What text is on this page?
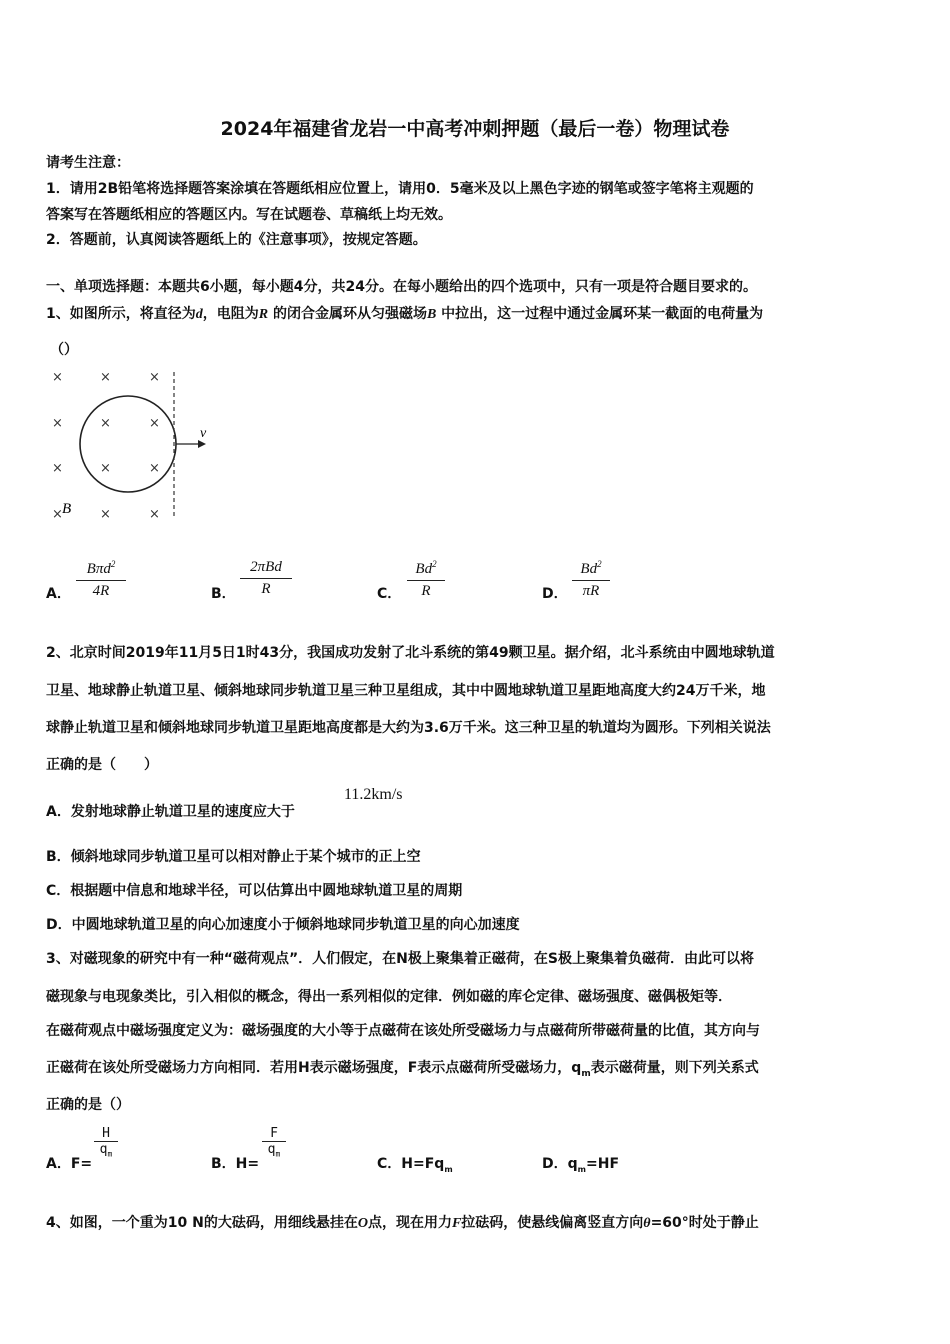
2024年福建省龙岩一中高考冲刺押题（最后一卷）物理试卷
请考生注意：
1．请用2B铅笔将选择题答案涂填在答题纸相应位置上，请用0．5毫米及以上黑色字迹的钢笔或签字笔将主观题的
答案写在答题纸相应的答题区内。写在试题卷、草稿纸上均无效。
2．答题前，认真阅读答题纸上的《注意事项》，按规定答题。
一、单项选择题：本题共6小题，每小题4分，共24分。在每小题给出的四个选项中，只有一项是符合题目要求的。
1、如图所示，将直径为d，电阻为R 的闭合金属环从匀强磁场B 中拉出，这一过程中通过金属环某一截面的电荷量为
（）
×	×	×
×	×	×
×	×	×
×	×	×
v
B
A．
Bπd$^2$
4R	B．
2πBd
R	C． $\frac{Bd^2}{R}$	D． $\frac{Bd^2}{\pi R}$
2、北京时间2019年11月5日1时43分，我国成功发射了北斗系统的第49颗卫星。据介绍，北斗系统由中圆地球轨道
卫星、地球静止轨道卫星、倾斜地球同步轨道卫星三种卫星组成，其中中圆地球轨道卫星距地高度大约24万千米，地
球静止轨道卫星和倾斜地球同步轨道卫星距地高度都是大约为3.6万千米。这三种卫星的轨道均为圆形。下列相关说法
正确的是（　　）
A．发射地球静止轨道卫星的速度应大于
11.2km/s
B．倾斜地球同步轨道卫星可以相对静止于某个城市的正上空
C．根据题中信息和地球半径，可以估算出中圆地球轨道卫星的周期
D．中圆地球轨道卫星的向心加速度小于倾斜地球同步轨道卫星的向心加速度
3、对磁现象的研究中有一种“磁荷观点”．人们假定，在N极上聚集着正磁荷，在S极上聚集着负磁荷．由此可以将
磁现象与电现象类比，引入相似的概念，得出一系列相似的定律．例如磁的库仑定律、磁场强度、磁偶极矩等．
在磁荷观点中磁场强度定义为：磁场强度的大小等于点磁荷在该处所受磁场力与点磁荷所带磁荷量的比值，其方向与
正磁荷在该处所受磁场力方向相同．若用H表示磁场强度，F表示点磁荷所受磁场力，$q_m$表示磁荷量，则下列关系式
正确的是（）
A．F=
$\frac{H}{q_m}$
B．H=
$\frac{F}{q_m}$
C．$H=Fq_m$	D．$q_m=HF$
4、如图，一个重为10 N的大砝码，用细线悬挂在O点，现在用力F拉砝码，使悬线偏离竖直方向θ=60°时处于静止
